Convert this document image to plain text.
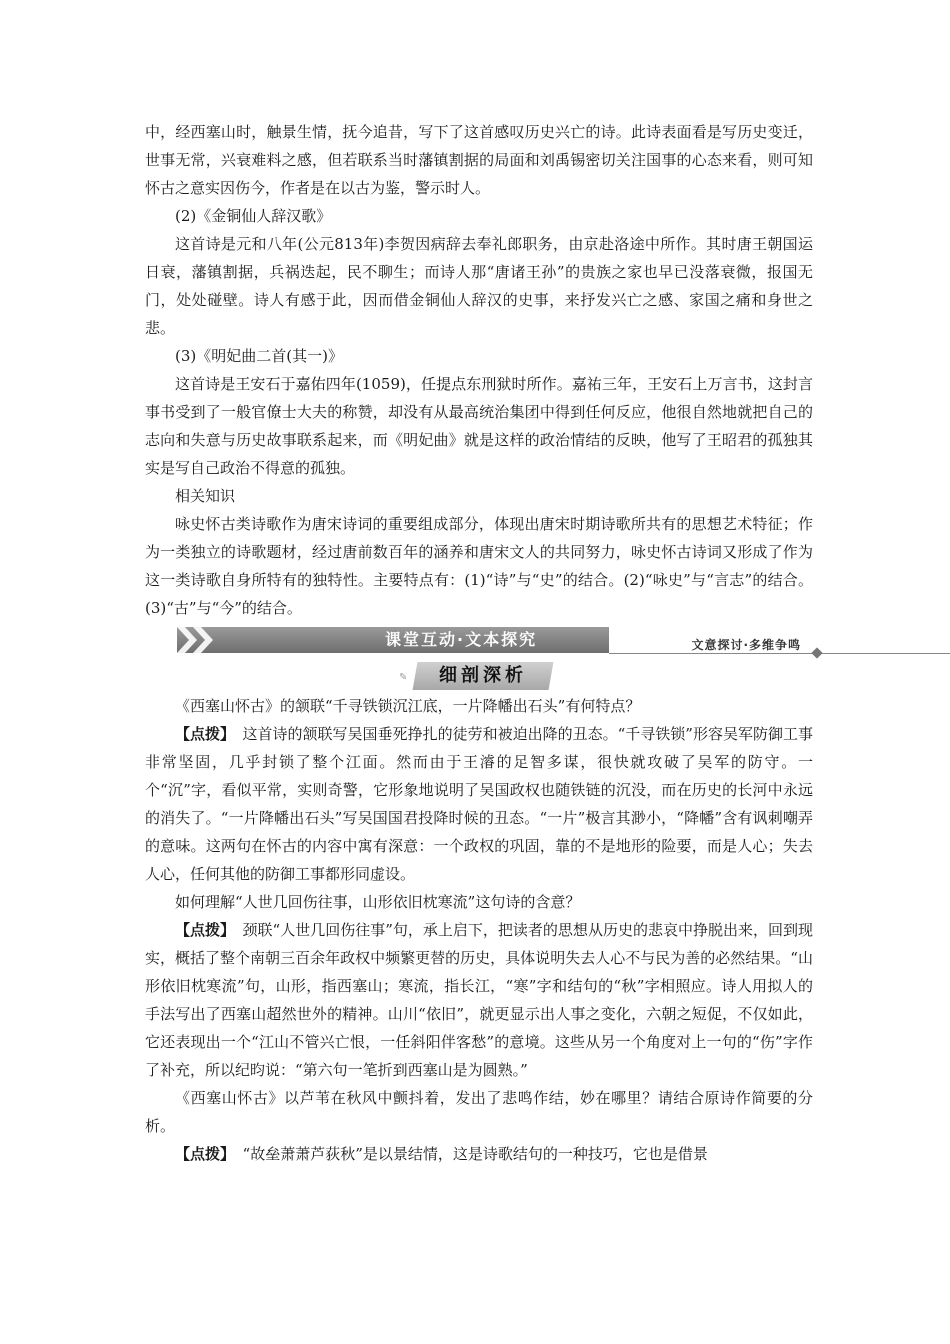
中，经西塞山时，触景生情，抚今追昔，写下了这首感叹历史兴亡的诗。此诗表面看是写历史变迁，世事无常，兴衰难料之感，但若联系当时藩镇割据的局面和刘禹锡密切关注国事的心态来看，则可知怀古之意实因伤今，作者是在以古为鉴，警示时人。

(2)《金铜仙人辞汉歌》

这首诗是元和八年(公元813年)李贺因病辞去奉礼郎职务，由京赴洛途中所作。其时唐王朝国运日衰，藩镇割据，兵祸迭起，民不聊生；而诗人那“唐诸王孙”的贵族之家也早已没落衰微，报国无门，处处碰壁。诗人有感于此，因而借金铜仙人辞汉的史事，来抒发兴亡之感、家国之痛和身世之悲。

(3)《明妃曲二首(其一)》

这首诗是王安石于嘉佑四年(1059)，任提点东刑狱时所作。嘉祐三年，王安石上万言书，这封言事书受到了一般官僚士大夫的称赞，却没有从最高统治集团中得到任何反应，他很自然地就把自己的志向和失意与历史故事联系起来，而《明妃曲》就是这样的政治情结的反映，他写了王昭君的孤独其实是写自己政治不得意的孤独。

相关知识

咏史怀古类诗歌作为唐宋诗词的重要组成部分，体现出唐宋时期诗歌所共有的思想艺术特征；作为一类独立的诗歌题材，经过唐前数百年的涵养和唐宋文人的共同努力，咏史怀古诗词又形成了作为这一类诗歌自身所特有的独特性。主要特点有：(1)“诗”与“史”的结合。(2)“咏史”与“言志”的结合。(3)“古”与“今”的结合。

课堂互动·文本探究	文意探讨·多维争鸣
✎	细剖深析

《西塞山怀古》的颔联“千寻铁锁沉江底，一片降幡出石头”有何特点？

【点拨】　 这首诗的颔联写吴国垂死挣扎的徒劳和被迫出降的丑态。“千寻铁锁”形容吴军防御工事非常坚固，几乎封锁了整个江面。然而由于王濬的足智多谋，很快就攻破了吴军的防守。一个“沉”字，看似平常，实则奇警，它形象地说明了吴国政权也随铁链的沉没，而在历史的长河中永远的消失了。“一片降幡出石头”写吴国国君投降时候的丑态。“一片”极言其渺小，“降幡”含有讽刺嘲弄的意味。这两句在怀古的内容中寓有深意：一个政权的巩固，靠的不是地形的险要，而是人心；失去人心，任何其他的防御工事都形同虚设。

如何理解“人世几回伤往事，山形依旧枕寒流”这句诗的含意？

【点拨】　 颈联“人世几回伤往事”句，承上启下，把读者的思想从历史的悲哀中挣脱出来，回到现实，概括了整个南朝三百余年政权中频繁更替的历史，具体说明失去人心不与民为善的必然结果。“山形依旧枕寒流”句，山形，指西塞山；寒流，指长江，“寒”字和结句的“秋”字相照应。诗人用拟人的手法写出了西塞山超然世外的精神。山川“依旧”，就更显示出人事之变化，六朝之短促，不仅如此，它还表现出一个“江山不管兴亡恨，一任斜阳伴客愁”的意境。这些从另一个角度对上一句的“伤”字作了补充，所以纪昀说：“第六句一笔折到西塞山是为圆熟。”

《西塞山怀古》以芦苇在秋风中颤抖着，发出了悲鸣作结，妙在哪里？请结合原诗作简要的分析。

【点拨】　 “故垒萧萧芦荻秋”是以景结情，这是诗歌结句的一种技巧，它也是借景
